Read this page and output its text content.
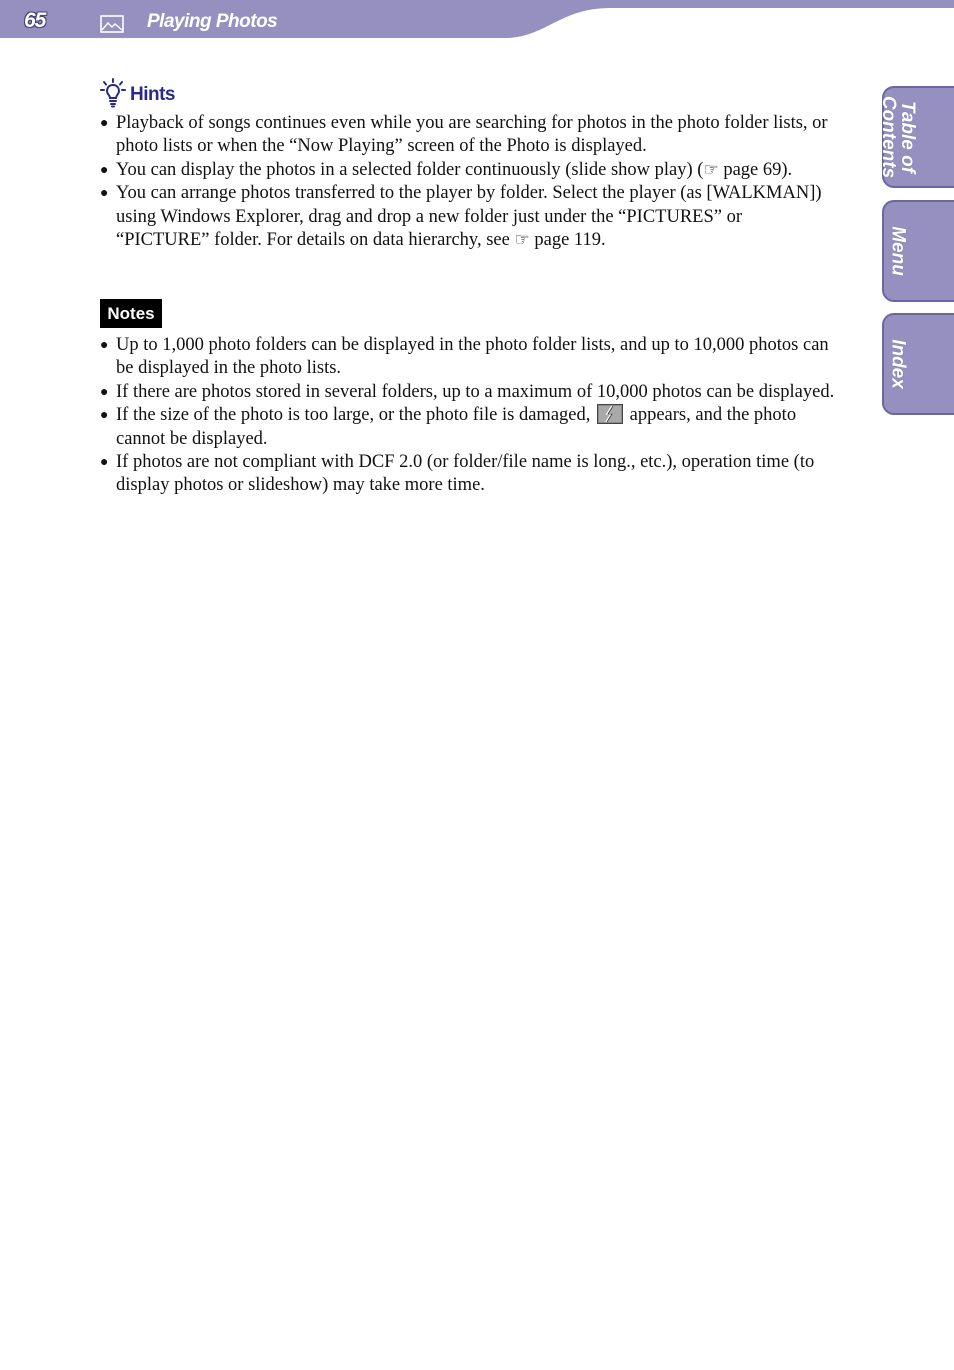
65	Playing Photos
Table of
Contents
Menu
Index
Hints
● Playback of songs continues even while you are searching for photos in the photo folder lists, or photo lists or when the “Now Playing” screen of the Photo is displayed.
● You can display the photos in a selected folder continuously (slide show play) (☞ page 69).
● You can arrange photos transferred to the player by folder. Select the player (as [WALKMAN]) using Windows Explorer, drag and drop a new folder just under the “PICTURES” or “PICTURE” folder. For details on data hierarchy, see ☞ page 119.
Notes
● Up to 1,000 photo folders can be displayed in the photo folder lists, and up to 10,000 photos can be displayed in the photo lists.
● If there are photos stored in several folders, up to a maximum of 10,000 photos can be displayed.
● If the size of the photo is too large, or the photo file is damaged,  appears, and the photo cannot be displayed.
● If photos are not compliant with DCF 2.0 (or folder/file name is long., etc.), operation time (to display photos or slideshow) may take more time.
